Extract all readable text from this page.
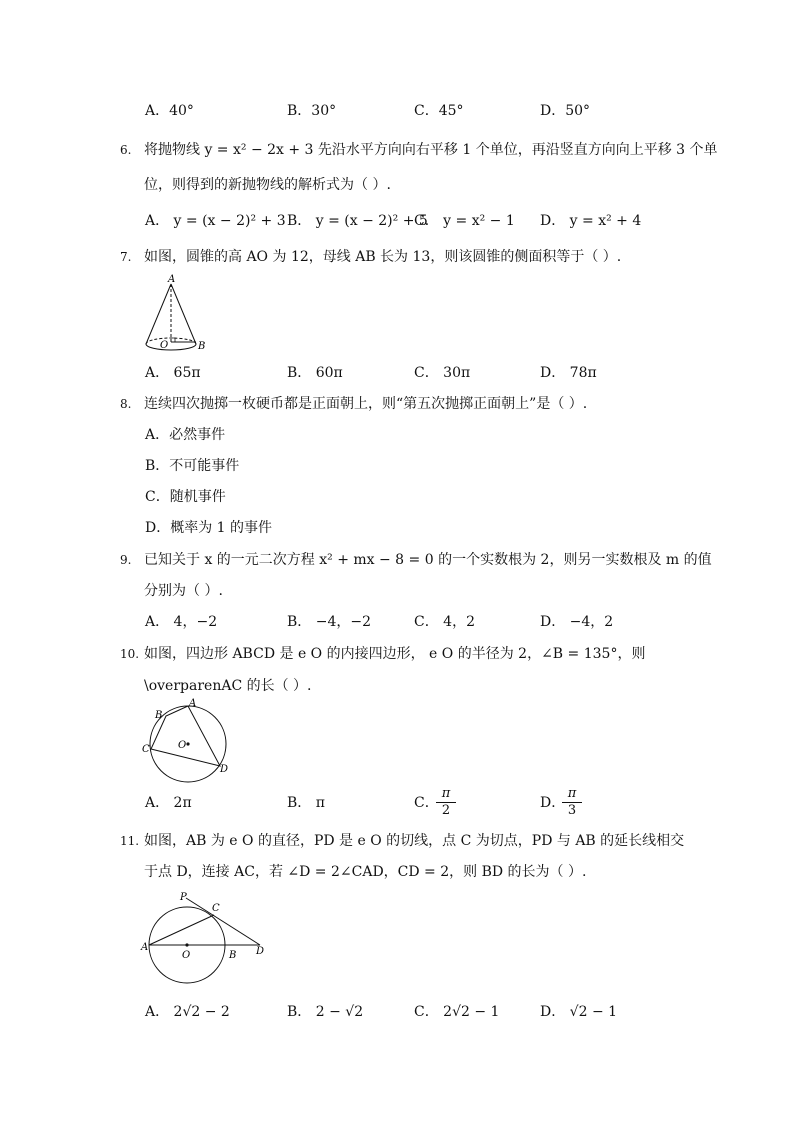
A．40°	B．30°	C．45°	D．50°
6. 将抛物线 y = x² − 2x + 3 先沿水平方向向右平移 1 个单位，再沿竖直方向向上平移 3 个单
位，则得到的新抛物线的解析式为（ ）.
A． y = (x − 2)² + 3 B． y = (x − 2)² + 5
C． y = x² − 1 D． y = x² + 4
7. 如图，圆锥的高 AO 为 12，母线 AB 长为 13，则该圆锥的侧面积等于（ ）.
A
O	B
A． 65π	B． 60π	C． 30π	D． 78π
8. 连续四次抛掷一枚硬币都是正面朝上，则“第五次抛掷正面朝上”是（ ）.
A．必然事件
B．不可能事件
C．随机事件
D．概率为 1 的事件
9. 已知关于 x 的一元二次方程 x² + mx − 8 = 0 的一个实数根为 2，则另一实数根及 m 的值
分别为（ ）.
A． 4，−2	B． −4，−2	C． 4，2	D． −4，2
10. 如图，四边形 ABCD 是 e O 的内接四边形， e O 的半径为 2，∠B = 135°，则
\overparenAC 的长（ ）.
A
B
C
D
O
A． 2π	B． π	C．
$\frac{\pi}{2}$	D．
$\frac{\pi}{3}$
11. 如图，AB 为 e O 的直径，PD 是 e O 的切线，点 C 为切点，PD 与 AB 的延长线相交
于点 D，连接 AC，若 ∠D = 2∠CAD，CD = 2，则 BD 的长为（ ）.
P
C
A
O	B D
A． 2√2 − 2	B． 2 − √2	C． 2√2 − 1	D． √2 − 1
